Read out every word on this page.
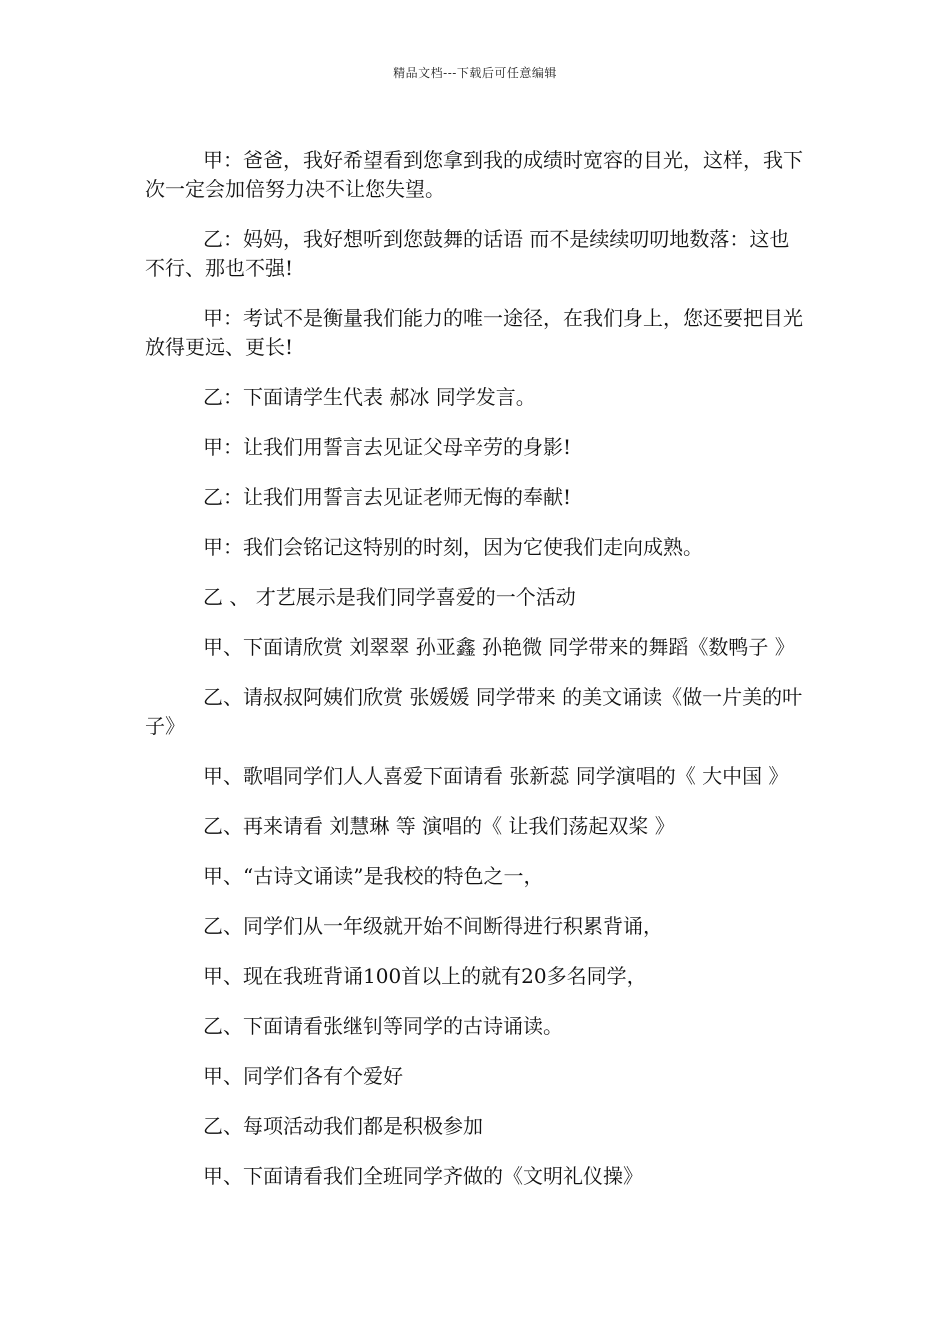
精品文档---下载后可任意编辑

甲：爸爸，我好希望看到您拿到我的成绩时宽容的目光，这样，我下次一定会加倍努力决不让您失望。

乙：妈妈，我好想听到您鼓舞的话语 而不是续续叨叨地数落：这也不行、那也不强!

甲：考试不是衡量我们能力的唯一途径，在我们身上，您还要把目光放得更远、更长!

乙：下面请学生代表 郝冰 同学发言。

甲：让我们用誓言去见证父母辛劳的身影!

乙：让我们用誓言去见证老师无悔的奉献!

甲：我们会铭记这特别的时刻，因为它使我们走向成熟。

乙 、 才艺展示是我们同学喜爱的一个活动

甲、下面请欣赏 刘翠翠 孙亚鑫 孙艳微 同学带来的舞蹈《数鸭子 》

乙、请叔叔阿姨们欣赏 张媛媛 同学带来 的美文诵读《做一片美的叶子》

甲、歌唱同学们人人喜爱下面请看 张新蕊 同学演唱的《 大中国 》

乙、再来请看 刘慧琳 等 演唱的《 让我们荡起双桨 》

甲、“古诗文诵读”是我校的特色之一，

乙、同学们从一年级就开始不间断得进行积累背诵，

甲、现在我班背诵100首以上的就有20多名同学，

乙、下面请看张继钊等同学的古诗诵读。

甲、同学们各有个爱好

乙、每项活动我们都是积极参加

甲、下面请看我们全班同学齐做的《文明礼仪操》
